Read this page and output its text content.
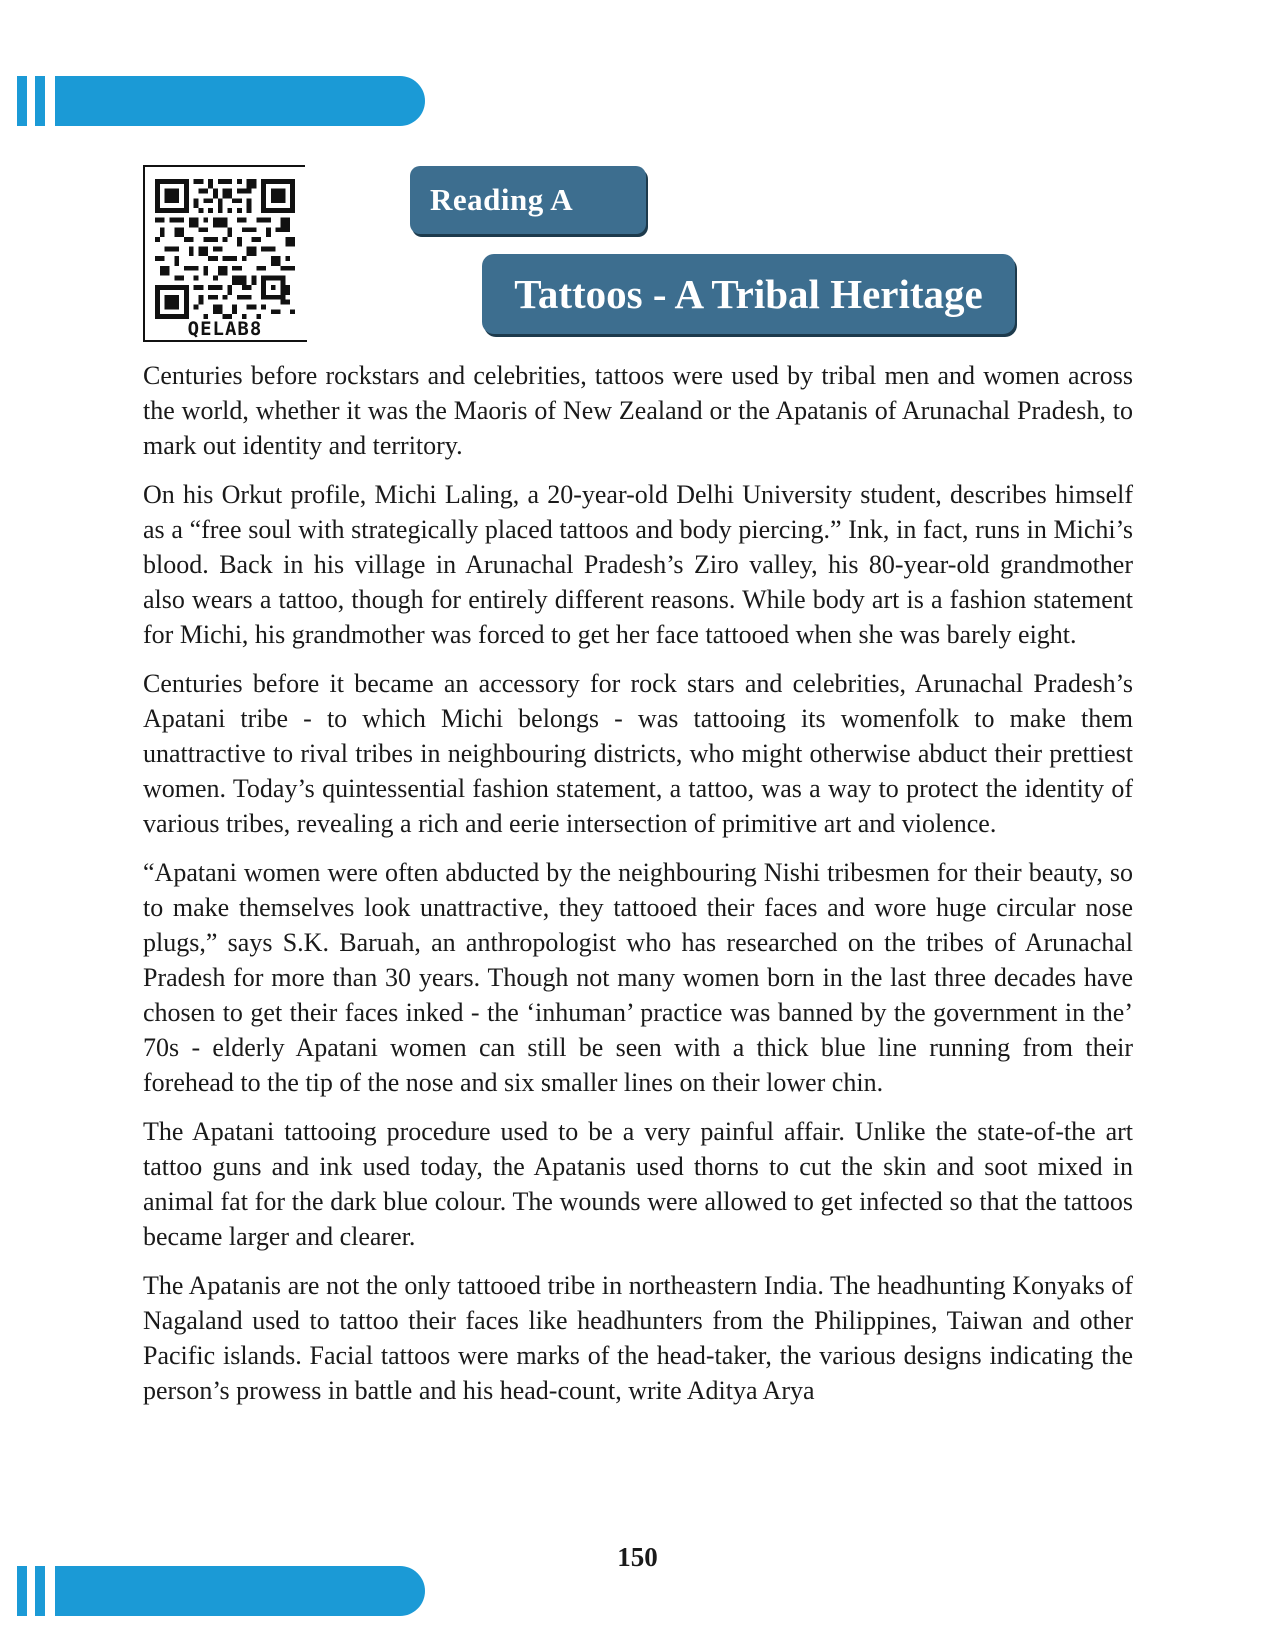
QELAB8
Reading A
Tattoos - A Tribal Heritage

Centuries before rockstars and celebrities, tattoos were used by tribal men and women across the world, whether it was the Maoris of New Zealand or the Apatanis of Arunachal Pradesh, to mark out identity and territory.

On his Orkut profile, Michi Laling, a 20-year-old Delhi University student, describes himself as a “free soul with strategically placed tattoos and body piercing.” Ink, in fact, runs in Michi’s blood. Back in his village in Arunachal Pradesh’s Ziro valley, his 80-year-old grandmother also wears a tattoo, though for entirely different reasons. While body art is a fashion statement for Michi, his grandmother was forced to get her face tattooed when she was barely eight.

Centuries before it became an accessory for rock stars and celebrities, Arunachal Pradesh’s Apatani tribe - to which Michi belongs - was tattooing its womenfolk to make them unattractive to rival tribes in neighbouring districts, who might otherwise abduct their prettiest women. Today’s quintessential fashion statement, a tattoo, was a way to protect the identity of various tribes, revealing a rich and eerie intersection of primitive art and violence.

“Apatani women were often abducted by the neighbouring Nishi tribesmen for their beauty, so to make themselves look unattractive, they tattooed their faces and wore huge circular nose plugs,” says S.K. Baruah, an anthropologist who has researched on the tribes of Arunachal Pradesh for more than 30 years. Though not many women born in the last three decades have chosen to get their faces inked - the ‘inhuman’ practice was banned by the government in the’ 70s - elderly Apatani women can still be seen with a thick blue line running from their forehead to the tip of the nose and six smaller lines on their lower chin.

The Apatani tattooing procedure used to be a very painful affair. Unlike the state-of-the art tattoo guns and ink used today, the Apatanis used thorns to cut the skin and soot mixed in animal fat for the dark blue colour. The wounds were allowed to get infected so that the tattoos became larger and clearer.

The Apatanis are not the only tattooed tribe in northeastern India. The headhunting Konyaks of Nagaland used to tattoo their faces like headhunters from the Philippines, Taiwan and other Pacific islands. Facial tattoos were marks of the head-taker, the various designs indicating the person’s prowess in battle and his head-count, write Aditya Arya

150
